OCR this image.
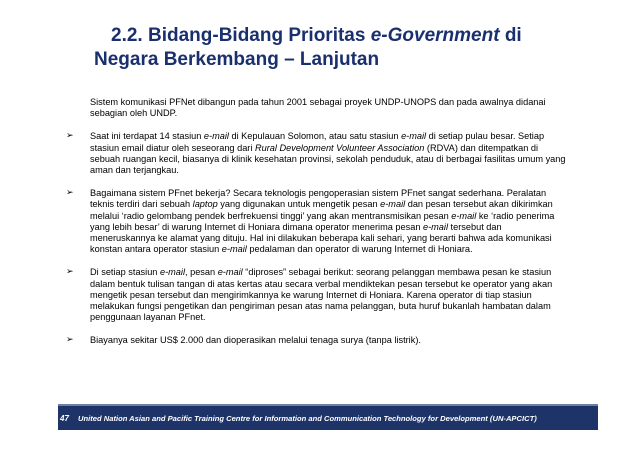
2.2. Bidang-Bidang Prioritas e-Government di
Negara Berkembang – Lanjutan
Sistem komunikasi PFNet dibangun pada tahun 2001 sebagai proyek UNDP-UNOPS dan pada awalnya didanai sebagian oleh UNDP.
➢ Saat ini terdapat 14 stasiun e-mail di Kepulauan Solomon, atau satu stasiun e-mail di setiap pulau besar. Setiap stasiun email diatur oleh seseorang dari Rural Development Volunteer Association (RDVA) dan ditempatkan di sebuah ruangan kecil, biasanya di klinik kesehatan provinsi, sekolah penduduk, atau di berbagai fasilitas umum yang aman dan terjangkau.
➢ Bagaimana sistem PFnet bekerja? Secara teknologis pengoperasian sistem PFnet sangat sederhana. Peralatan teknis terdiri dari sebuah laptop yang digunakan untuk mengetik pesan e-mail dan pesan tersebut akan dikirimkan melalui ‘radio gelombang pendek berfrekuensi tinggi’ yang akan mentransmisikan pesan e-mail ke ‘radio penerima yang lebih besar’ di warung Internet di Honiara dimana operator menerima pesan e-mail tersebut dan meneruskannya ke alamat yang dituju. Hal ini dilakukan beberapa kali sehari, yang berarti bahwa ada komunikasi konstan antara operator stasiun e-mail pedalaman dan operator di warung Internet di Honiara.
➢ Di setiap stasiun e-mail, pesan e-mail “diproses” sebagai berikut: seorang pelanggan membawa pesan ke stasiun dalam bentuk tulisan tangan di atas kertas atau secara verbal mendiktekan pesan tersebut ke operator yang akan mengetik pesan tersebut dan mengirimkannya ke warung Internet di Honiara. Karena operator di tiap stasiun melakukan fungsi pengetikan dan pengiriman pesan atas nama pelanggan, buta huruf bukanlah hambatan dalam penggunaan layanan PFnet.
➢ Biayanya sekitar US$ 2.000 dan dioperasikan melalui tenaga surya (tanpa listrik).
47	United Nation Asian and Pacific Training Centre for Information and Communication Technology for Development (UN-APCICT)
